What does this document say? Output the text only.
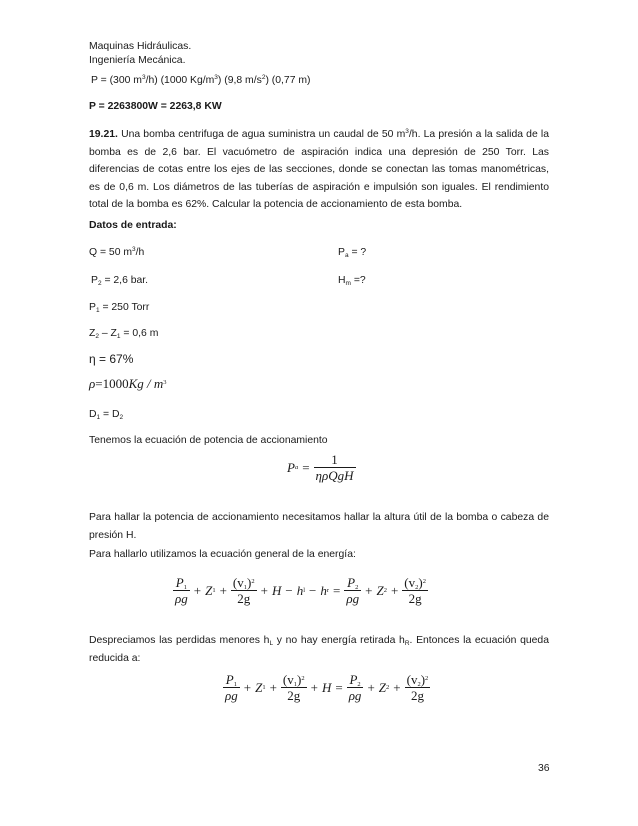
Maquinas Hidráulicas.
Ingeniería Mecánica.
P = (300 $m^3/h$) (1000 $Kg/m^3$) (9,8 $m/s^2$) (0,77 m)
P = 2263800W = 2263,8 KW
19.21. Una bomba centrifuga de agua suministra un caudal de 50 $m^3/h$. La presión a la salida de la bomba es de 2,6 bar. El vacuómetro de aspiración indica una depresión de 250 Torr. Las diferencias de cotas entre los ejes de las secciones, donde se conectan las tomas manométricas, es de 0,6 m. Los diámetros de las tuberías de aspiración e impulsión son iguales. El rendimiento total de la bomba es 62%. Calcular la potencia de accionamiento de esta bomba.
Datos de entrada:
Q = 50 $m^3/h$	$P_a$ = ?
$P_2 = 2,6$ bar.	$H_m$ =?
$P_1 = 250$ Torr
$Z_2 - Z_1 = 0,6$ m
η = 67%
$\rho=1000Kg / m^3$
$D_1 = D_2$
Tenemos la ecuación de potencia de accionamiento
P $a = \frac{1}{\text{ηρQgH}}$
Para hallar la potencia de accionamiento necesitamos hallar la altura útil de la bomba o cabeza de presión H.
Para hallarlo utilizamos la ecuación general de la energía:
$\frac{P_1}{\rho g} + Z$ $1 + \frac{(v_1)^2}{2g} + H - h$ l − h $r = \frac{P_2}{\rho g} + Z$ $2 + \frac{(v_2)^2}{2g}$
Despreciamos las perdidas menores $h_L$ y no hay energía retirada $h_R$. Entonces la ecuación queda reducida a:
$\frac{P_1}{\rho g} + Z$ $1 + \frac{(v_1)^2}{2g} + H = \frac{P_2}{\rho g} + Z$ $2 + \frac{(v_2)^2}{2g}$
36
